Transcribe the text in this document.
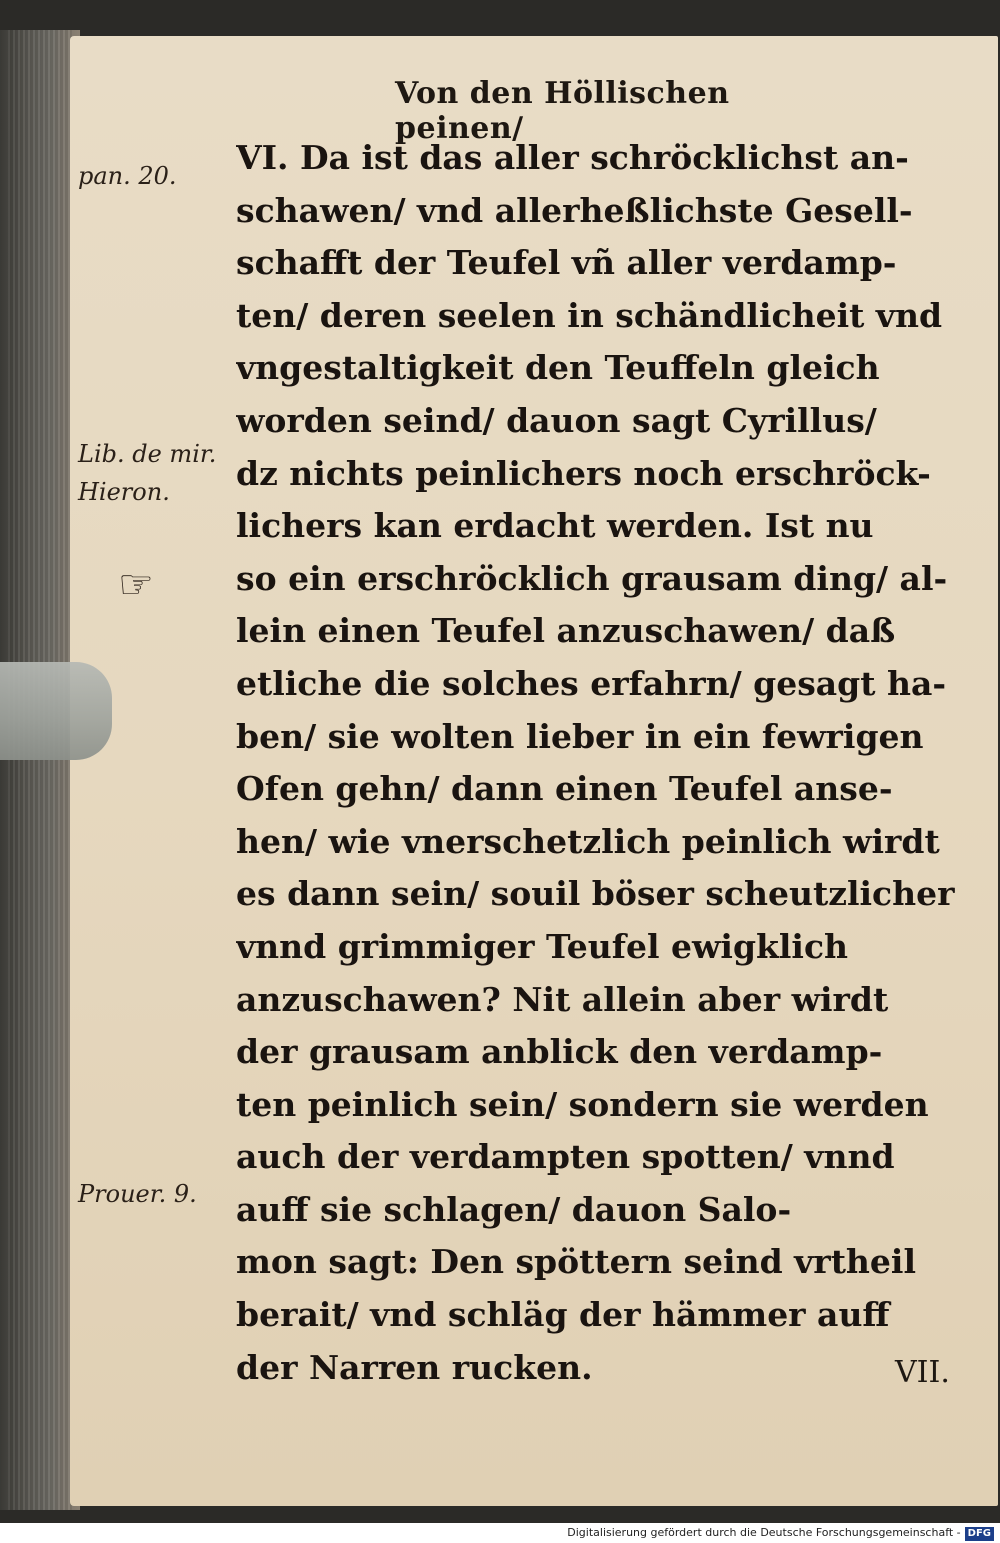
Von den Höllischen peinen/
pan. 20.
Lib. de mir.
Hieron.
☞
Prouer. 9.
VI. Da ist das aller schröcklichst an-
schawen/ vnd allerheßlichste Gesell-
schafft der Teufel vñ aller verdamp-
ten/ deren seelen in schändlicheit vnd
vngestaltigkeit den Teuffeln gleich
worden seind/ dauon sagt Cyrillus/
dz nichts peinlichers noch erschröck-
lichers kan erdacht werden. Ist nu
so ein erschröcklich grausam ding/ al-
lein einen Teufel anzuschawen/ daß
etliche die solches erfahrn/ gesagt ha-
ben/ sie wolten lieber in ein fewrigen
Ofen gehn/ dann einen Teufel anse-
hen/ wie vnerschetzlich peinlich wirdt
es dann sein/ souil böser scheutzlicher
vnnd grimmiger Teufel ewigklich
anzuschawen? Nit allein aber wirdt
der grausam anblick den verdamp-
ten peinlich sein/ sondern sie werden
auch der verdampten spotten/ vnnd
auff sie schlagen/ dauon Salo-
mon sagt: Den spöttern seind vrtheil
berait/ vnd schläg der hämmer auff
der Narren rucken.	VII.
Digitalisierung gefördert durch die Deutsche Forschungsgemeinschaft - DFG
